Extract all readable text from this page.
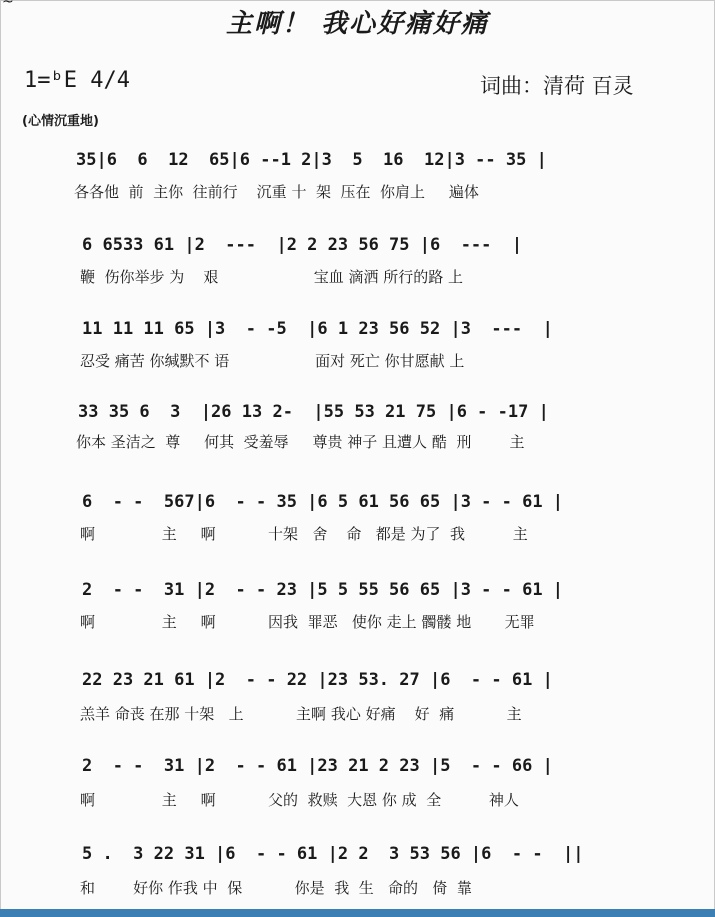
~
主啊！ 我心好痛好痛
1=ᵇE 4/4	词曲：清荷 百灵
(心情沉重地)
35|6  6  12  65|6 --1 2|3  5  16  12|3 -- 35 |
各各他  前  主你  往前行    沉重 十  架  压在  你肩上     遍体
6 6533 61 |2  ---  |2 2 23 56 75 |6  ---  |
鞭  伤你举步 为    艰                    宝血 滴洒 所行的路 上
11 11 11 65 |3  - -5  |6 1 23 56 52 |3  ---  |
忍受 痛苦 你缄默不 语                  面对 死亡 你甘愿献 上
33 35 6  3  |26 13 2-  |55 53 21 75 |6 - -17 |
你本 圣洁之  尊     何其  受羞辱     尊贵 神子 且遭人 酷  刑        主
6  - -  567|6  - - 35 |6 5 61 56 65 |3 - - 61 |
啊              主     啊           十架   舍    命   都是 为了  我          主
2  - -  31 |2  - - 23 |5 5 55 56 65 |3 - - 61 |
啊              主     啊           因我  罪恶   使你 走上 髑髅 地       无罪
22 23 21 61 |2  - - 22 |23 53. 27 |6  - - 61 |
羔羊 命丧 在那 十架   上           主啊 我心 好痛    好  痛           主
2  - -  31 |2  - - 61 |23 21 2 23 |5  - - 66 |
啊              主     啊           父的  救赎  大恩 你 成  全          神人
5 .  3 22 31 |6  - - 61 |2 2  3 53 56 |6  - -  ||
和        好你 作我 中  保           你是  我  生   命的   倚  靠
